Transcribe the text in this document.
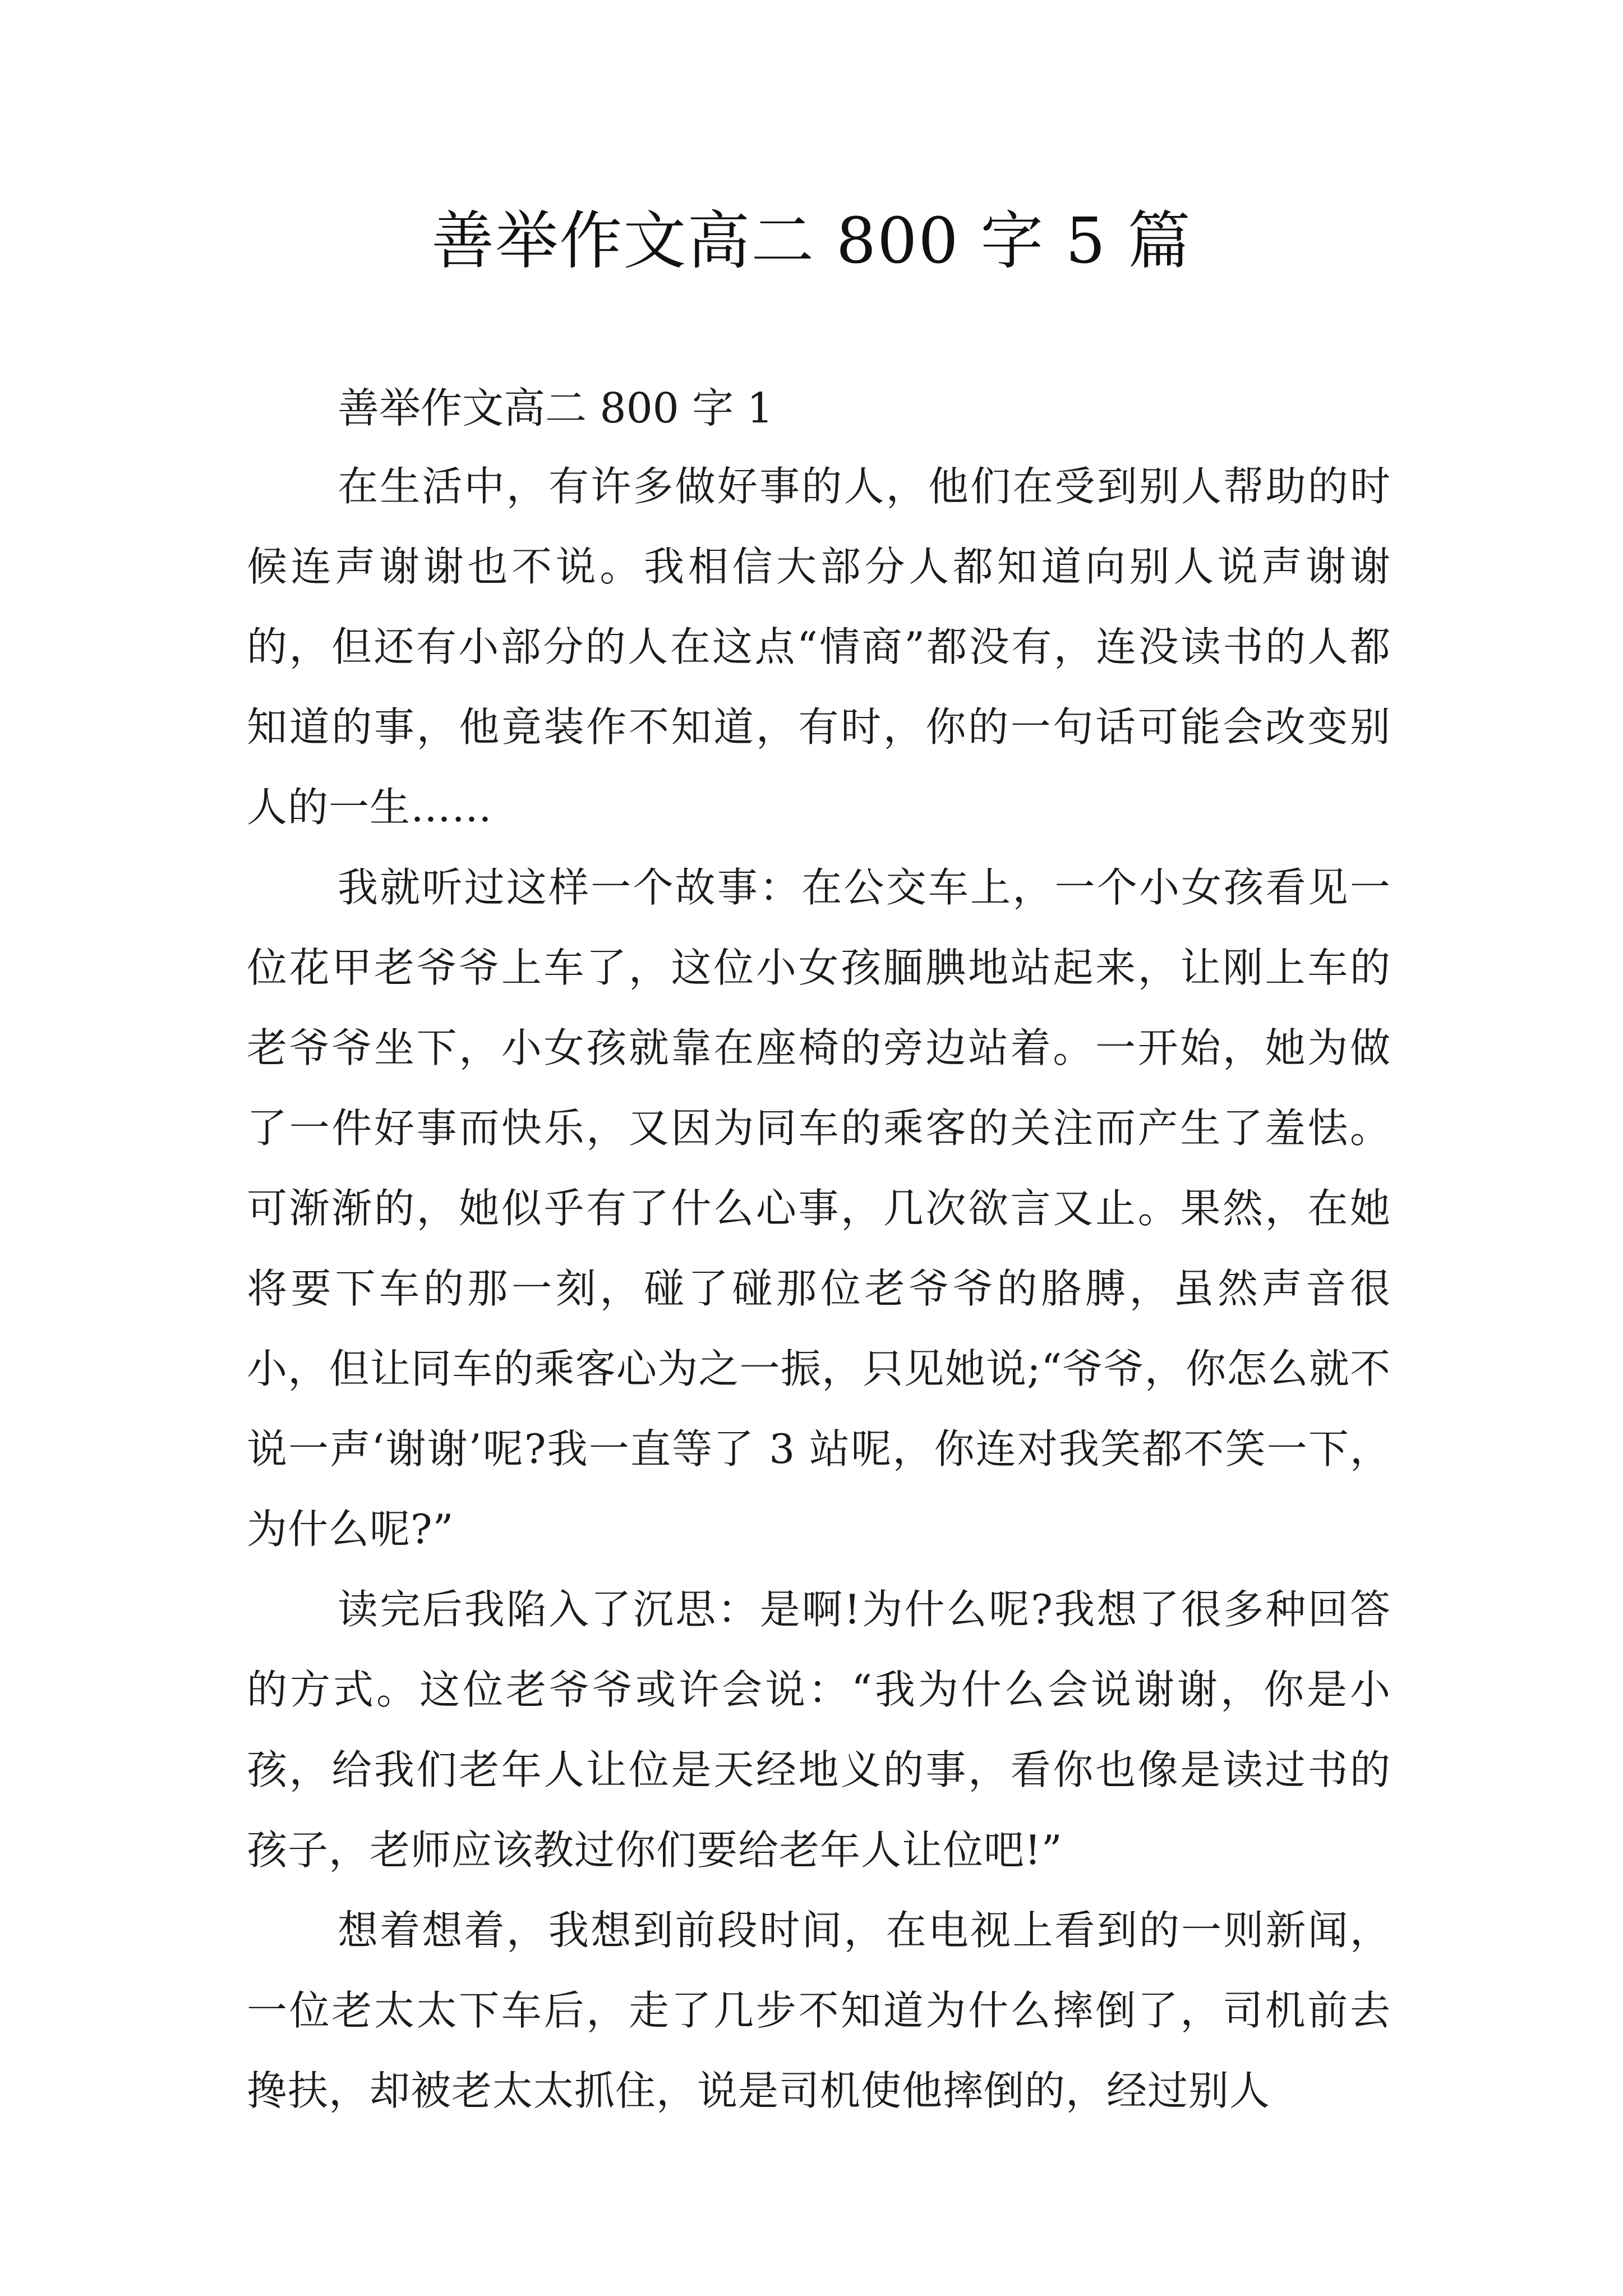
善举作文高二 800 字 5 篇
善举作文高二 800 字 1

在生活中，有许多做好事的人，他们在受到别人帮助的时候连声谢谢也不说。我相信大部分人都知道向别人说声谢谢的，但还有小部分的人在这点“情商”都没有，连没读书的人都知道的事，他竟装作不知道，有时，你的一句话可能会改变别人的一生……

我就听过这样一个故事：在公交车上，一个小女孩看见一位花甲老爷爷上车了，这位小女孩腼腆地站起来，让刚上车的老爷爷坐下，小女孩就靠在座椅的旁边站着。一开始，她为做了一件好事而快乐，又因为同车的乘客的关注而产生了羞怯。可渐渐的，她似乎有了什么心事，几次欲言又止。果然，在她将要下车的那一刻，碰了碰那位老爷爷的胳膊，虽然声音很小，但让同车的乘客心为之一振，只见她说;“爷爷，你怎么就不说一声‘谢谢’呢?我一直等了 3 站呢，你连对我笑都不笑一下，为什么呢?”

读完后我陷入了沉思：是啊!为什么呢?我想了很多种回答的方式。这位老爷爷或许会说：“我为什么会说谢谢，你是小孩，给我们老年人让位是天经地义的事，看你也像是读过书的孩子，老师应该教过你们要给老年人让位吧!”

想着想着，我想到前段时间，在电视上看到的一则新闻，一位老太太下车后，走了几步不知道为什么摔倒了，司机前去搀扶，却被老太太抓住，说是司机使他摔倒的，经过别人
